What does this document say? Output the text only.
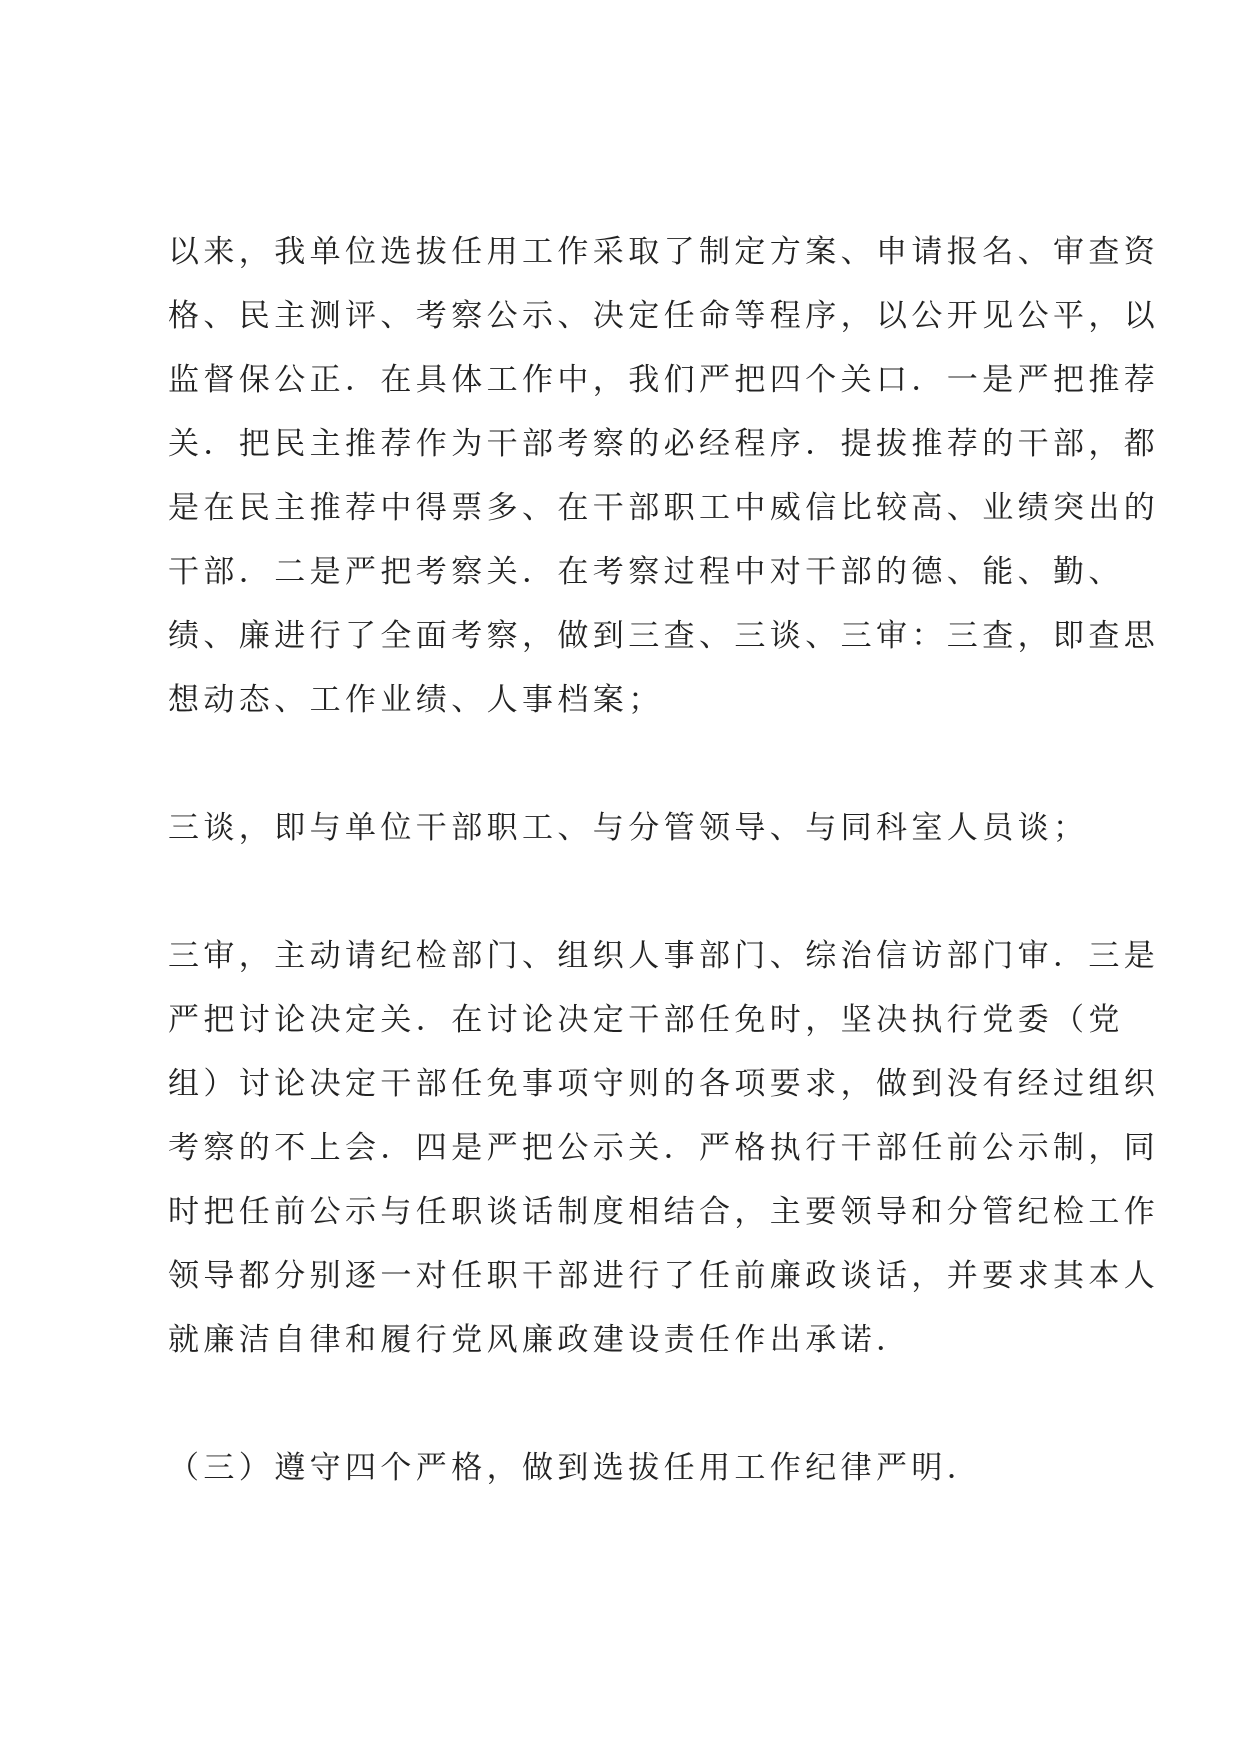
以来，我单位选拔任用工作采取了制定方案、申请报名、审查资
格、民主测评、考察公示、决定任命等程序，以公开见公平，以
监督保公正．在具体工作中，我们严把四个关口．一是严把推荐
关．把民主推荐作为干部考察的必经程序．提拔推荐的干部，都
是在民主推荐中得票多、在干部职工中威信比较高、业绩突出的
干部．二是严把考察关．在考察过程中对干部的德、能、勤、
绩、廉进行了全面考察，做到三查、三谈、三审：三查，即查思
想动态、工作业绩、人事档案；
三谈，即与单位干部职工、与分管领导、与同科室人员谈；
三审，主动请纪检部门、组织人事部门、综治信访部门审．三是
严把讨论决定关．在讨论决定干部任免时，坚决执行党委（党
组）讨论决定干部任免事项守则的各项要求，做到没有经过组织
考察的不上会．四是严把公示关．严格执行干部任前公示制，同
时把任前公示与任职谈话制度相结合，主要领导和分管纪检工作
领导都分别逐一对任职干部进行了任前廉政谈话，并要求其本人
就廉洁自律和履行党风廉政建设责任作出承诺．
（三）遵守四个严格，做到选拔任用工作纪律严明．
